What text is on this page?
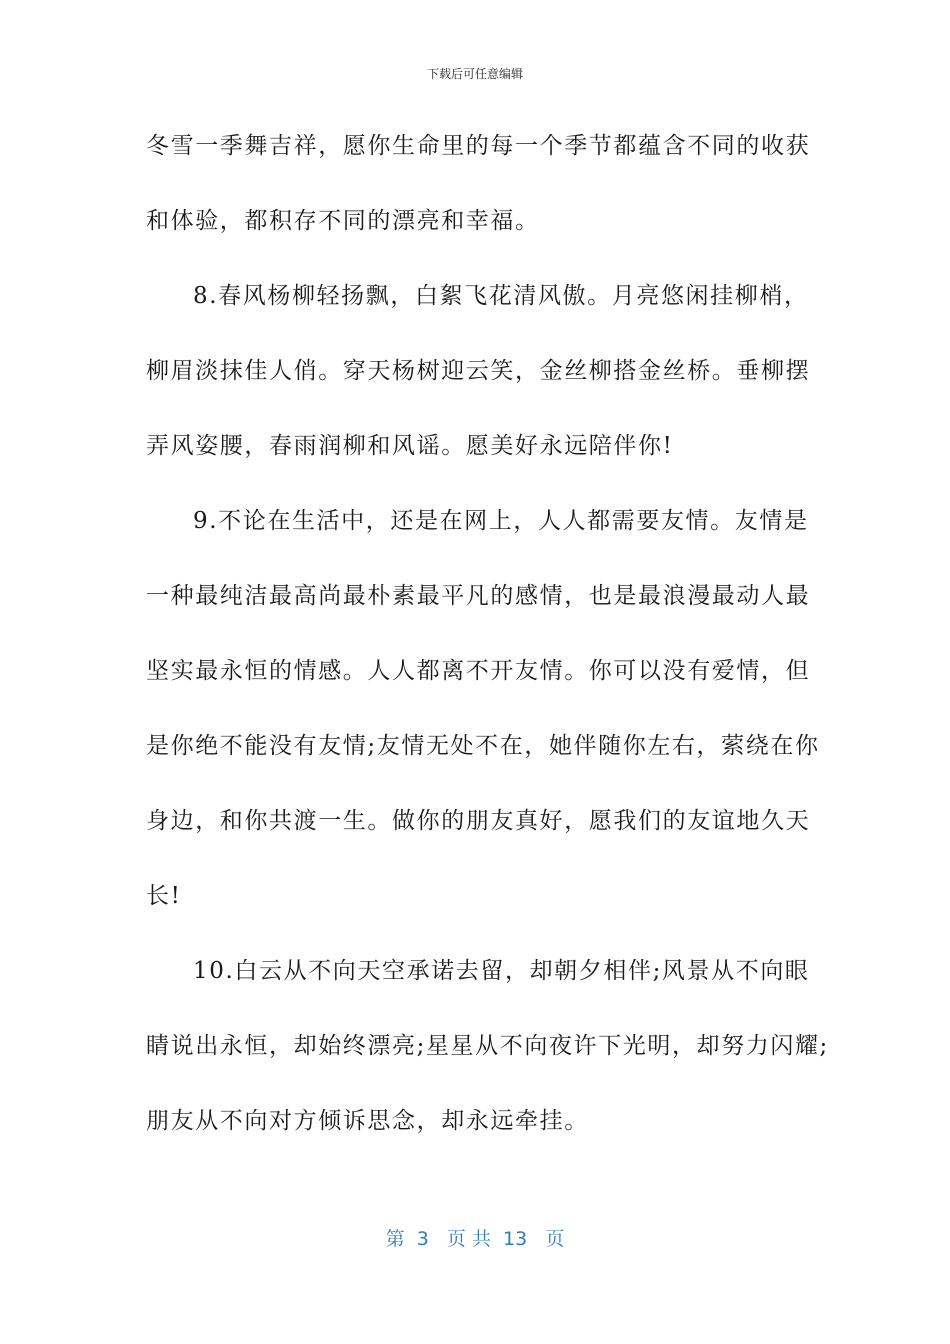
下载后可任意编辑
冬雪一季舞吉祥，愿你生命里的每一个季节都蕴含不同的收获
和体验，都积存不同的漂亮和幸福。
8.春风杨柳轻扬飘，白絮飞花清风傲。月亮悠闲挂柳梢，
柳眉淡抹佳人俏。穿天杨树迎云笑，金丝柳搭金丝桥。垂柳摆
弄风姿腰，春雨润柳和风谣。愿美好永远陪伴你!
9.不论在生活中，还是在网上，人人都需要友情。友情是
一种最纯洁最高尚最朴素最平凡的感情，也是最浪漫最动人最
坚实最永恒的情感。人人都离不开友情。你可以没有爱情，但
是你绝不能没有友情;友情无处不在，她伴随你左右，萦绕在你
身边，和你共渡一生。做你的朋友真好，愿我们的友谊地久天
长!
10.白云从不向天空承诺去留，却朝夕相伴;风景从不向眼
睛说出永恒，却始终漂亮;星星从不向夜许下光明，却努力闪耀;
朋友从不向对方倾诉思念，却永远牵挂。
第  3   页 共  13   页
